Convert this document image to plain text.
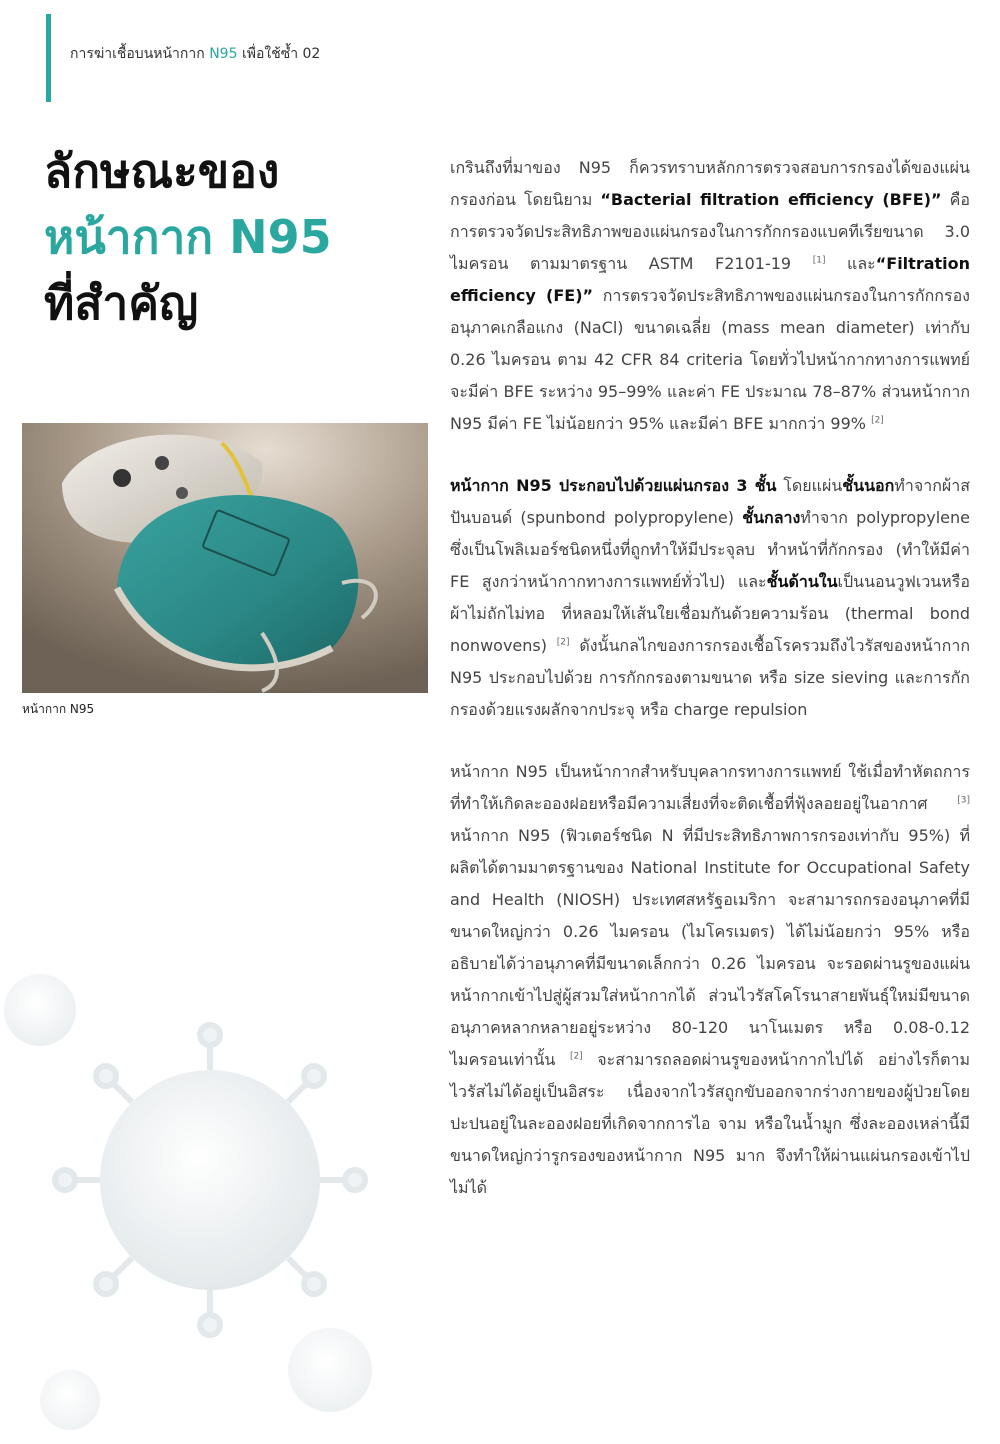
การฆ่าเชื้อบนหน้ากาก N95 เพื่อใช้ซ้ำ 02
ลักษณะของ
หน้ากาก N95
ที่สำคัญ
หน้ากาก N95

เกรินถึงที่มาของ N95 ก็ควรทราบหลักการตรวจสอบการกรองได้ของแผ่นกรองก่อน โดยนิยาม “Bacterial filtration efficiency (BFE)” คือ การตรวจวัดประสิทธิภาพของแผ่นกรองในการกักกรองแบคทีเรียขนาด 3.0 ไมครอน ตามมาตรฐาน ASTM F2101-19 [1] และ“Filtration efficiency (FE)” การตรวจวัดประสิทธิภาพของแผ่นกรองในการกักกรองอนุภาคเกลือแกง (NaCl) ขนาดเฉลี่ย (mass mean diameter) เท่ากับ 0.26 ไมครอน ตาม 42 CFR 84 criteria โดยทั่วไปหน้ากากทางการแพทย์จะมีค่า BFE ระหว่าง 95–99% และค่า FE ประมาณ 78–87% ส่วนหน้ากาก N95 มีค่า FE ไม่น้อยกว่า 95% และมีค่า BFE มากกว่า 99% [2]

หน้ากาก N95 ประกอบไปด้วยแผ่นกรอง 3 ชั้น โดยแผ่นชั้นนอกทำจากผ้าสปันบอนด์ (spunbond polypropylene) ชั้นกลางทำจาก polypropylene ซึ่งเป็นโพลิเมอร์ชนิดหนึ่งที่ถูกทำให้มีประจุลบ ทำหน้าที่กักกรอง (ทำให้มีค่า FE สูงกว่าหน้ากากทางการแพทย์ทั่วไป) และชั้นด้านในเป็นนอนวูฟเวนหรือผ้าไม่ถักไม่ทอ ที่หลอมให้เส้นใยเชื่อมกันด้วยความร้อน (thermal bond nonwovens) [2] ดังนั้นกลไกของการกรองเชื้อโรครวมถึงไวรัสของหน้ากาก N95 ประกอบไปด้วย การกักกรองตามขนาด หรือ size sieving และการกักกรองด้วยแรงผลักจากประจุ หรือ charge repulsion

หน้ากาก N95 เป็นหน้ากากสำหรับบุคลากรทางการแพทย์ ใช้เมื่อทำหัตถการที่ทำให้เกิดละอองฝอยหรือมีความเสี่ยงที่จะติดเชื้อที่ฟุ้งลอยอยู่ในอากาศ [3] หน้ากาก N95 (ฟิวเตอร์ชนิด N ที่มีประสิทธิภาพการกรองเท่ากับ 95%) ที่ผลิตได้ตามมาตรฐานของ National Institute for Occupational Safety and Health (NIOSH) ประเทศสหรัฐอเมริกา จะสามารถกรองอนุภาคที่มีขนาดใหญ่กว่า 0.26 ไมครอน (ไมโครเมตร) ได้ไม่น้อยกว่า 95% หรืออธิบายได้ว่าอนุภาคที่มีขนาดเล็กกว่า 0.26 ไมครอน จะรอดผ่านรูของแผ่นหน้ากากเข้าไปสู่ผู้สวมใส่หน้ากากได้ ส่วนไวรัสโคโรนาสายพันธุ์ใหม่มีขนาดอนุภาคหลากหลายอยู่ระหว่าง 80-120 นาโนเมตร หรือ 0.08-0.12 ไมครอนเท่านั้น [2] จะสามารถลอดผ่านรูของหน้ากากไปได้ อย่างไรก็ตามไวรัสไม่ได้อยู่เป็นอิสระ เนื่องจากไวรัสถูกขับออกจากร่างกายของผู้ป่วยโดยปะปนอยู่ในละอองฝอยที่เกิดจากการไอ จาม หรือในน้ำมูก ซึ่งละอองเหล่านี้มี ขนาดใหญ่กว่ารูกรองของหน้ากาก N95 มาก จึงทำให้ผ่านแผ่นกรองเข้าไปไม่ได้
